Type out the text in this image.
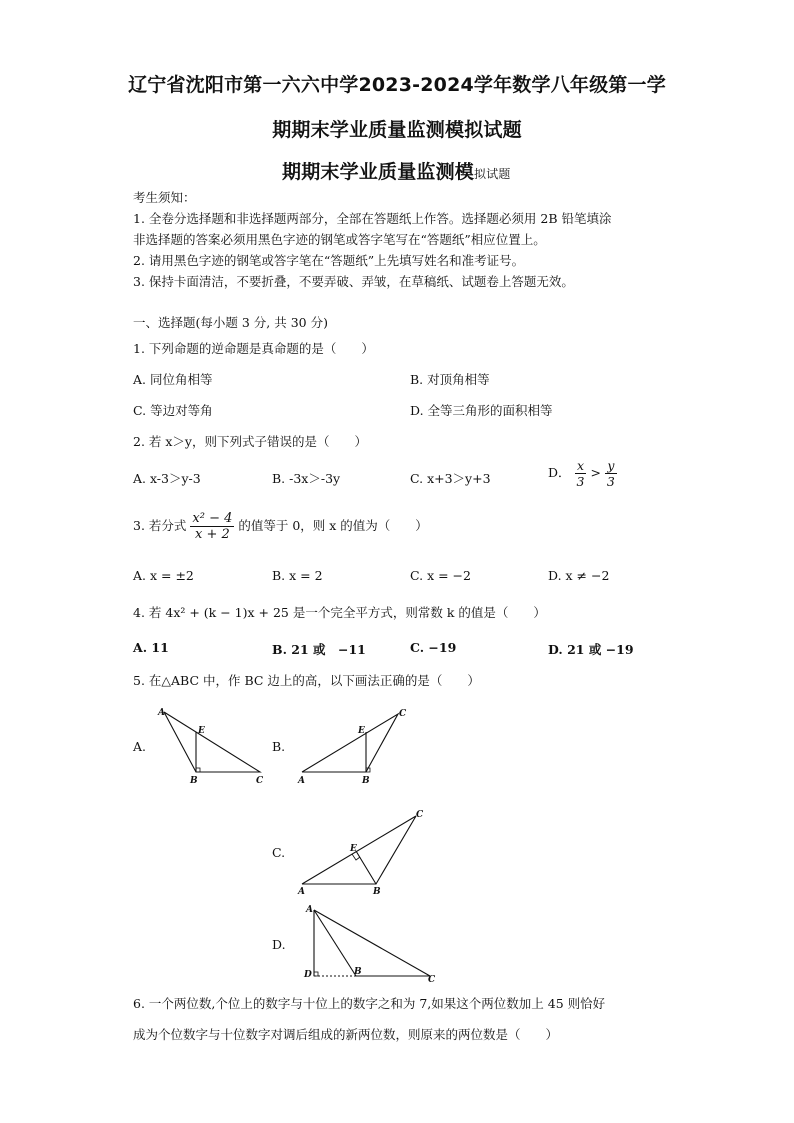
辽宁省沈阳市第一六六中学2023-2024学年数学八年级第一学
期期末学业质量监测模拟试题
期期末学业质量监测模拟试题
考生须知：
1. 全卷分选择题和非选择题两部分，全部在答题纸上作答。选择题必须用 2B 铅笔填涂
非选择题的答案必须用黑色字迹的钢笔或答字笔写在“答题纸”相应位置上。
2. 请用黑色字迹的钢笔或答字笔在“答题纸”上先填写姓名和准考证号。
3. 保持卡面清洁，不要折叠，不要弄破、弄皱，在草稿纸、试题卷上答题无效。
一、选择题(每小题 3 分, 共 30 分)
1. 下列命题的逆命题是真命题的是（　　）
A. 同位角相等	B. 对顶角相等
C. 等边对等角	D. 全等三角形的面积相等
2. 若 x＞y，则下列式子错误的是（　　）
A. x-3＞y-3	B. -3x＞-3y	C. x+3＞y+3	D． $\frac{x}{3} > \frac{y}{3}$
3. 若分式 $\frac{\text{x² − 4}}{x + 2}$ 的值等于 0，则 x 的值为（　　）
A. x = ±2	B. x = 2	C. x = −2	D. x ≠ −2
4. 若 4x² + (k − 1)x + 25 是一个完全平方式，则常数 k 的值是（　　）
A. 11	B. 21 或　−11	C. −19	D. 21 或 −19
5. 在△ABC 中，作 BC 边上的高，以下画法正确的是（　　）
A.
A
E
B	C
B.
E
C
A	B
C.
C
E
A	B
D.
A
D	B
C
6. 一个两位数,个位上的数字与十位上的数字之和为 7,如果这个两位数加上 45 则恰好
成为个位数字与十位数字对调后组成的新两位数，则原来的两位数是（　　）
